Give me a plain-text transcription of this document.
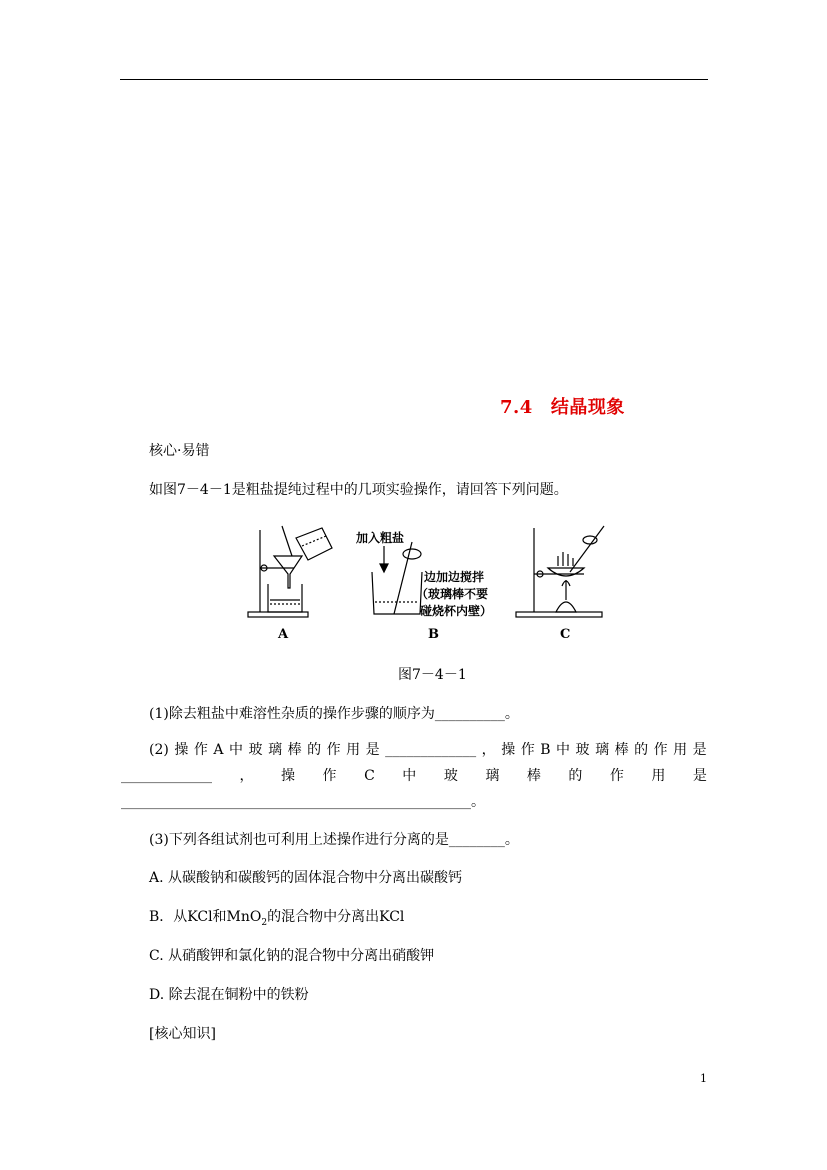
7.4 结晶现象
核心·易错
如图7－4－1是粗盐提纯过程中的几项实验操作，请回答下列问题。
加入粗盐
边加边搅拌
（玻璃棒不要
碰烧杯内壁）
A	B	C
图7－4－1
(1)除去粗盐中难溶性杂质的操作步骤的顺序为__________。
(2) 操 作 A 中 玻 璃 棒 的 作 用 是 _____________ ， 操 作 B 中 玻 璃 棒 的 作 用 是
_____________ ， 操 作 C 中 玻 璃 棒 的 作 用 是
__________________________________________________。
(3)下列各组试剂也可利用上述操作进行分离的是________。
A. 从碳酸钠和碳酸钙的固体混合物中分离出碳酸钙
B．从KCl和MnO$_2$的混合物中分离出KCl
C. 从硝酸钾和氯化钠的混合物中分离出硝酸钾
D. 除去混在铜粉中的铁粉
[核心知识]
1
